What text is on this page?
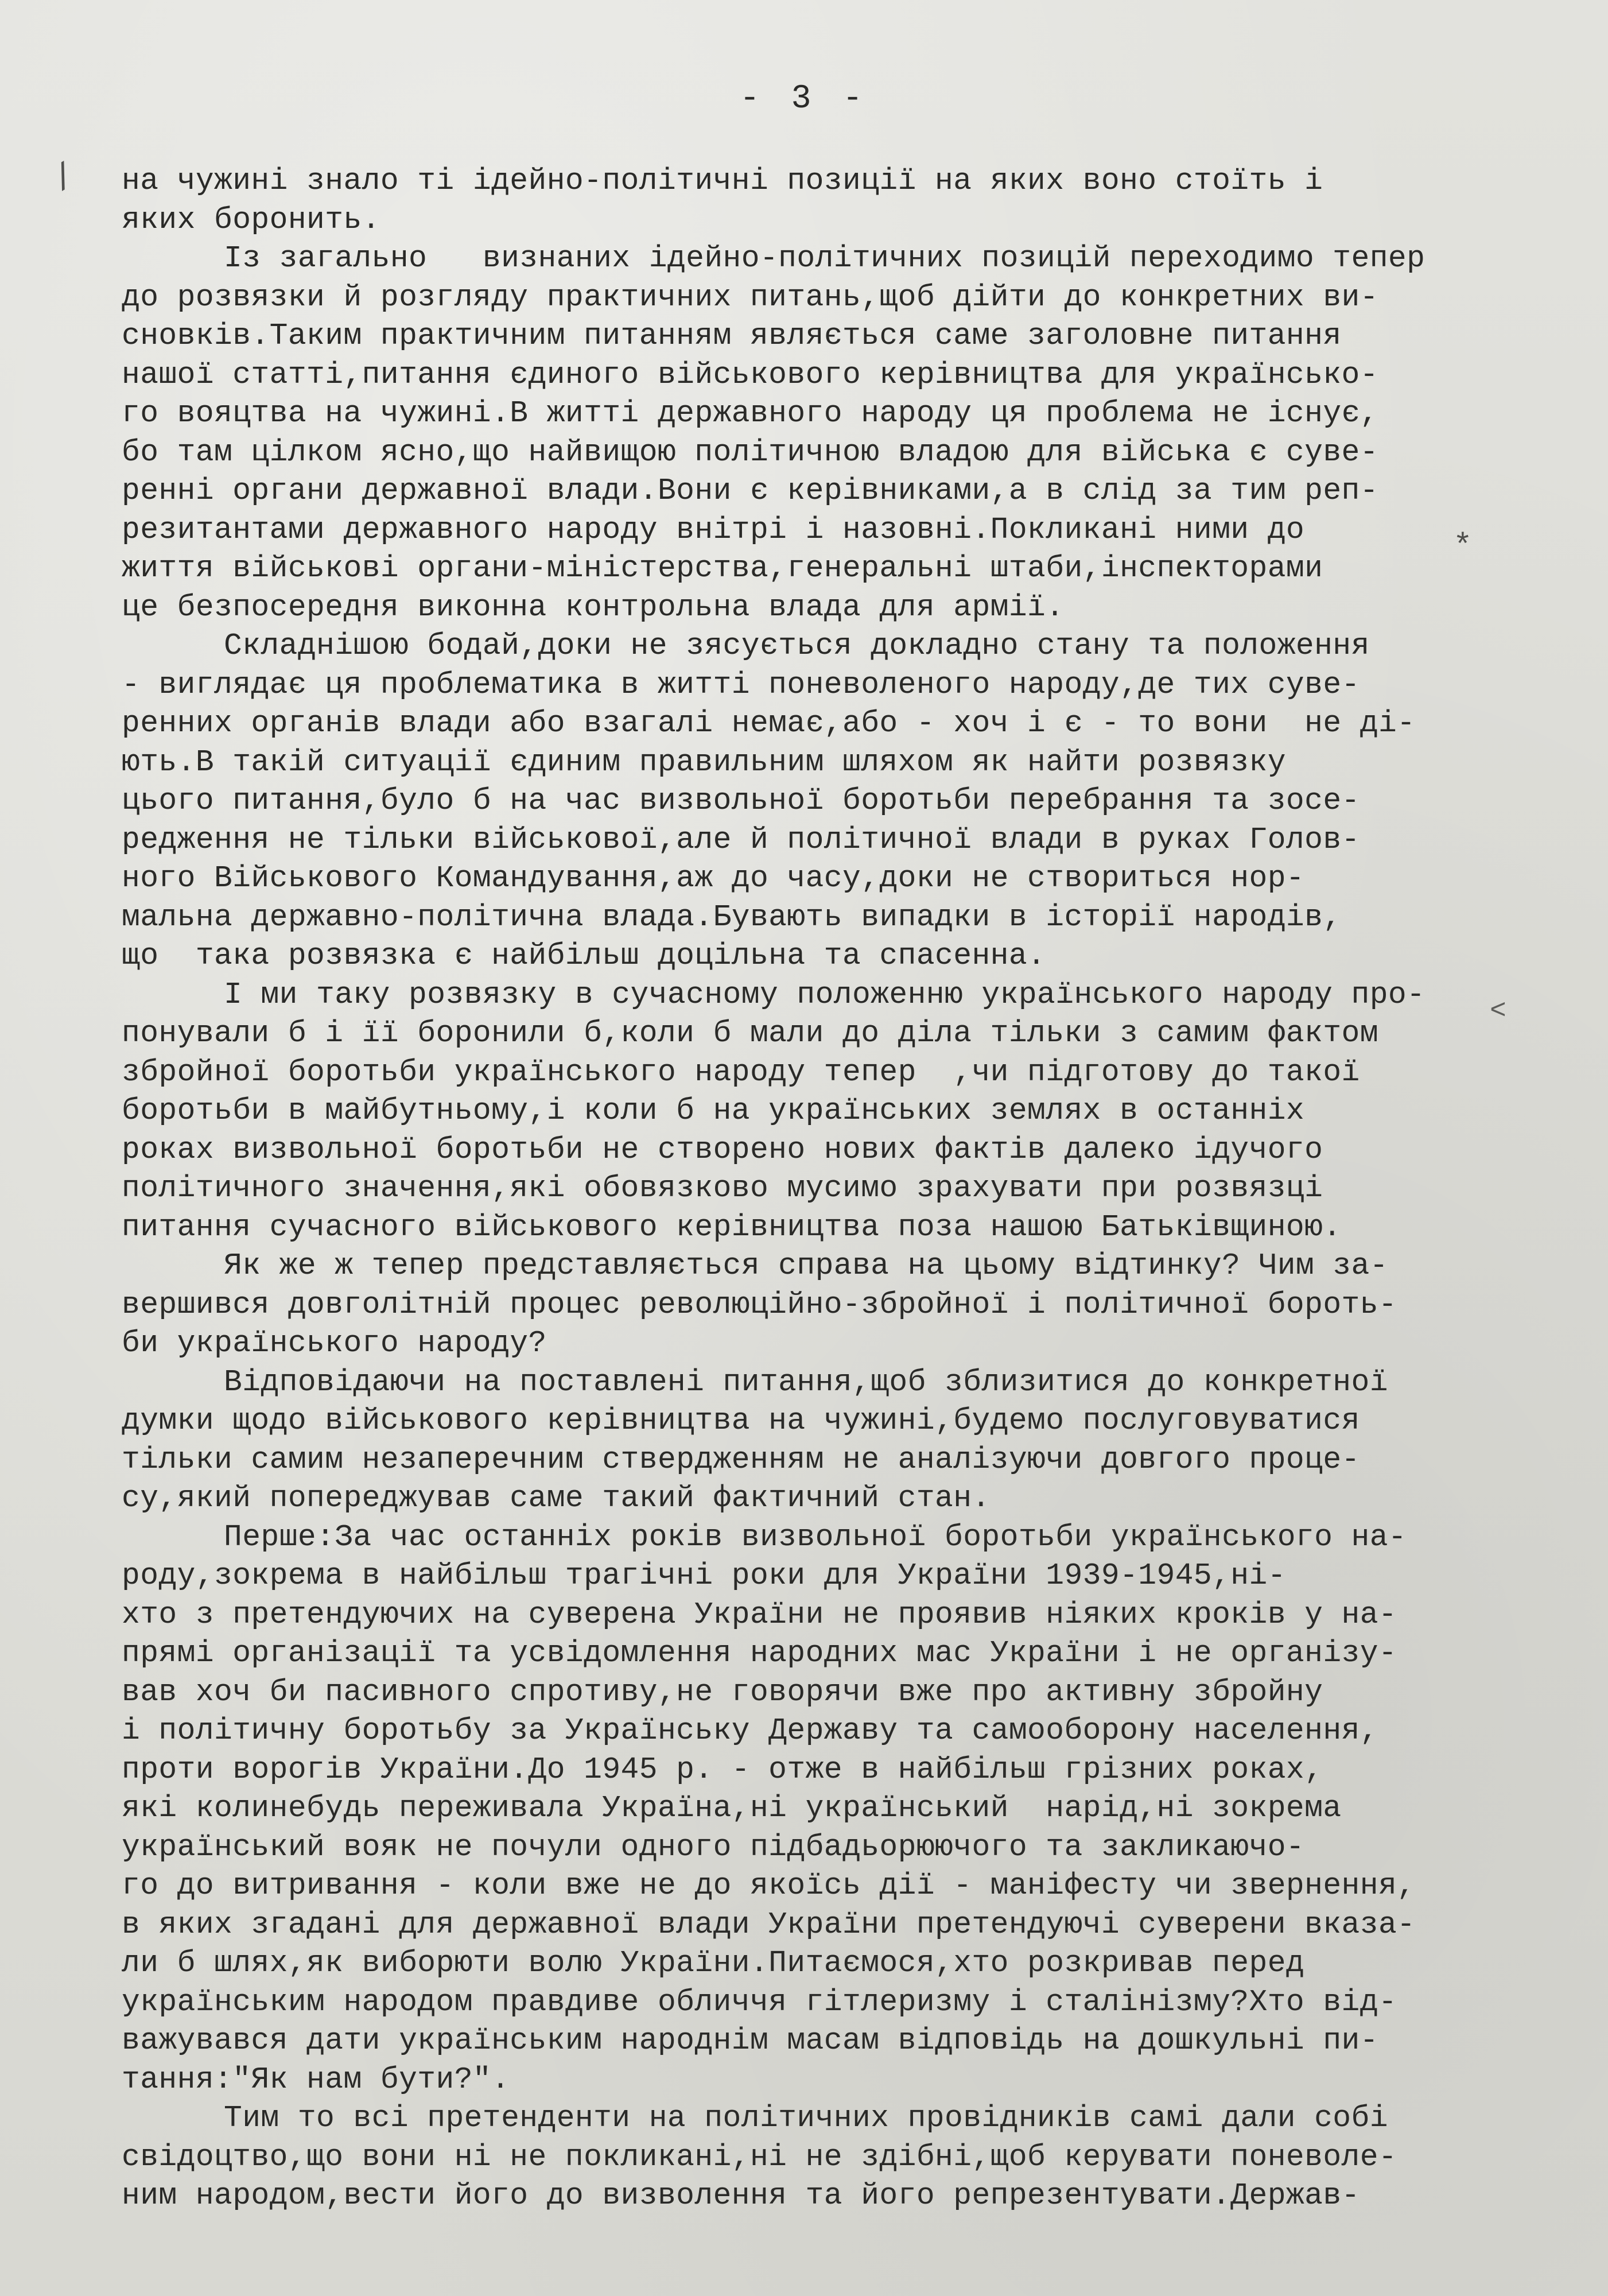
- 3 -
/
*
<
на чужині знало ті ідейно-політичні позиції на яких воно стоїть і
яких боронить.
Із загально   визнаних ідейно-політичних позицій переходимо тепер
до розвязки й розгляду практичних питань,щоб дійти до конкретних ви-
сновків.Таким практичним питанням являється саме заголовне питання
нашої статті,питання єдиного військового керівництва для українсько-
го вояцтва на чужині.В житті державного народу ця проблема не існує,
бо там цілком ясно,що найвищою політичною владою для війська є суве-
ренні органи державної влади.Вони є керівниками,а в слід за тим реп-
резитантами державного народу внітрі і назовні.Покликані ними до
життя військові органи-міністерства,генеральні штаби,інспекторами
це безпосередня виконна контрольна влада для армії.
Складнішою бодай,доки не зясується докладно стану та положення
- виглядає ця проблематика в житті поневоленого народу,де тих суве-
ренних органів влади або взагалі немає,або - хоч і є - то вони  не ді-
ють.В такій ситуації єдиним правильним шляхом як найти розвязку
цього питання,було б на час визвольної боротьби перебрання та зосе-
редження не тільки військової,але й політичної влади в руках Голов-
ного Військового Командування,аж до часу,доки не створиться нор-
мальна державно-політична влада.Бувають випадки в історії народів,
що  така розвязка є найбільш доцільна та спасенна.
І ми таку розвязку в сучасному положенню українського народу про-
понували б і її боронили б,коли б мали до діла тільки з самим фактом
збройної боротьби українського народу тепер  ,чи підготову до такої
боротьби в майбутньому,і коли б на українських землях в останніх
роках визвольної боротьби не створено нових фактів далеко ідучого
політичного значення,які обовязково мусимо зрахувати при розвязці
питання сучасного військового керівництва поза нашою Батьківщиною.
Як же ж тепер представляється справа на цьому відтинку? Чим за-
вершився довголітній процес революційно-збройної і політичної бороть-
би українського народу?
Відповідаючи на поставлені питання,щоб зблизитися до конкретної
думки щодо військового керівництва на чужині,будемо послуговуватися
тільки самим незаперечним ствердженням не аналізуючи довгого проце-
су,який попереджував саме такий фактичний стан.
Перше:За час останніх років визвольної боротьби українського на-
роду,зокрема в найбільш трагічні роки для України 1939-1945,ні-
хто з претендуючих на суверена України не проявив ніяких кроків у на-
прямі організації та усвідомлення народних мас України і не організу-
вав хоч би пасивного спротиву,не говорячи вже про активну збройну
і політичну боротьбу за Українську Державу та самооборону населення,
проти ворогів України.До 1945 р. - отже в найбільш грізних роках,
які колинебудь переживала Україна,ні український  нарід,ні зокрема
український вояк не почули одного підбадьорюючого та закликаючо-
го до витривання - коли вже не до якоїсь дії - маніфесту чи звернення,
в яких згадані для державної влади України претендуючі суверени вказа-
ли б шлях,як виборюти волю України.Питаємося,хто розкривав перед
українським народом правдиве обличчя гітлеризму і сталінізму?Хто від-
важувався дати українським народнім масам відповідь на дошкульні пи-
тання:"Як нам бути?".
Тим то всі претенденти на політичних провідників самі дали собі
свідоцтво,що вони ні не покликані,ні не здібні,щоб керувати поневоле-
ним народом,вести його до визволення та його репрезентувати.Держав-
